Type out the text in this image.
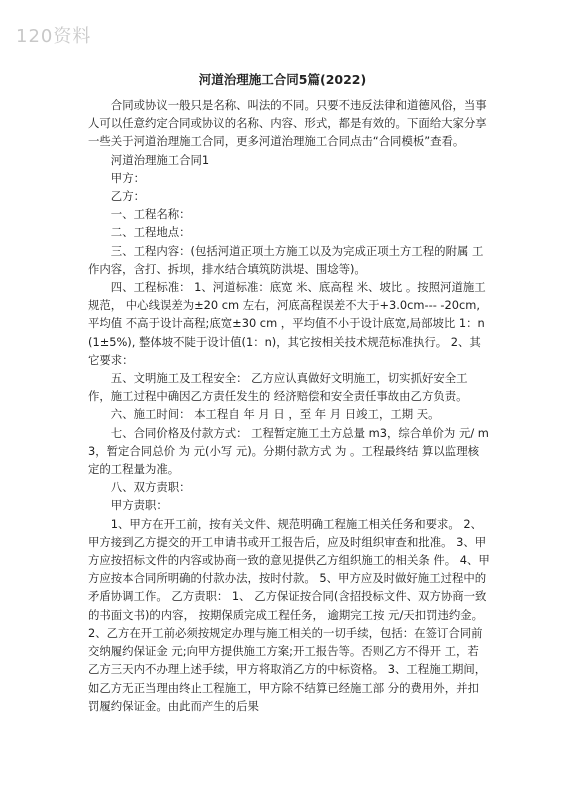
120资料
河道治理施工合同5篇(2022)

合同或协议一般只是名称、叫法的不同。只要不违反法律和道德风俗，当事人可以任意约定合同或协议的名称、内容、形式，都是有效的。下面给大家分享一些关于河道治理施工合同，更多河道治理施工合同点击“合同模板”查看。

河道治理施工合同1

甲方：

乙方：

一、工程名称：

二、工程地点：

三、工程内容：(包括河道正项土方施工以及为完成正项土方工程的附属 工作内容，含打、拆坝，排水结合填筑防洪堤、围埝等)。

四、工程标准： 1、河道标准：底宽 米、底高程 米、坡比 。按照河道施工规范， 中心线误差为±20 cm 左右，河底高程误差不大于+3.0cm--- -20cm,平均值 不高于设计高程;底宽±30 cm ，平均值不小于设计底宽,局部坡比 1：n(1±5%), 整体坡不陡于设计值(1：n)，其它按相关技术规范标准执行。 2、其它要求：

五、文明施工及工程安全： 乙方应认真做好文明施工，切实抓好安全工作，施工过程中确因乙方责任发生的 经济赔偿和安全责任事故由乙方负责。

六、施工时间： 本工程自 年 月 日 ，至 年 月 日竣工，工期 天。

七、合同价格及付款方式： 工程暂定施工土方总量 m3，综合单价为 元/ m3，暂定合同总价 为 元(小写 元)。分期付款方式 为 。工程最终结 算以监理核定的工程量为准。

八、双方责职：

甲方责职：

1、甲方在开工前，按有关文件、规范明确工程施工相关任务和要求。 2、甲方接到乙方提交的开工申请书或开工报告后，应及时组织审查和批准。 3、甲方应按招标文件的内容或协商一致的意见提供乙方组织施工的相关条 件。 4、甲方应按本合同所明确的付款办法，按时付款。 5、甲方应及时做好施工过程中的矛盾协调工作。 乙方责职： 1、 乙方保证按合同(含招投标文件、双方协商一致的书面文书)的内容， 按期保质完成工程任务， 逾期完工按 元/天扣罚违约金。 2、乙方在开工前必须按规定办理与施工相关的一切手续，包括：在签订合同前 交纳履约保证金 元;向甲方提供施工方案;开工报告等。否则乙方不得开 工，若乙方三天内不办理上述手续，甲方将取消乙方的中标资格。 3、工程施工期间，如乙方无正当理由终止工程施工，甲方除不结算已经施工部 分的费用外，并扣罚履约保证金。由此而产生的后果
